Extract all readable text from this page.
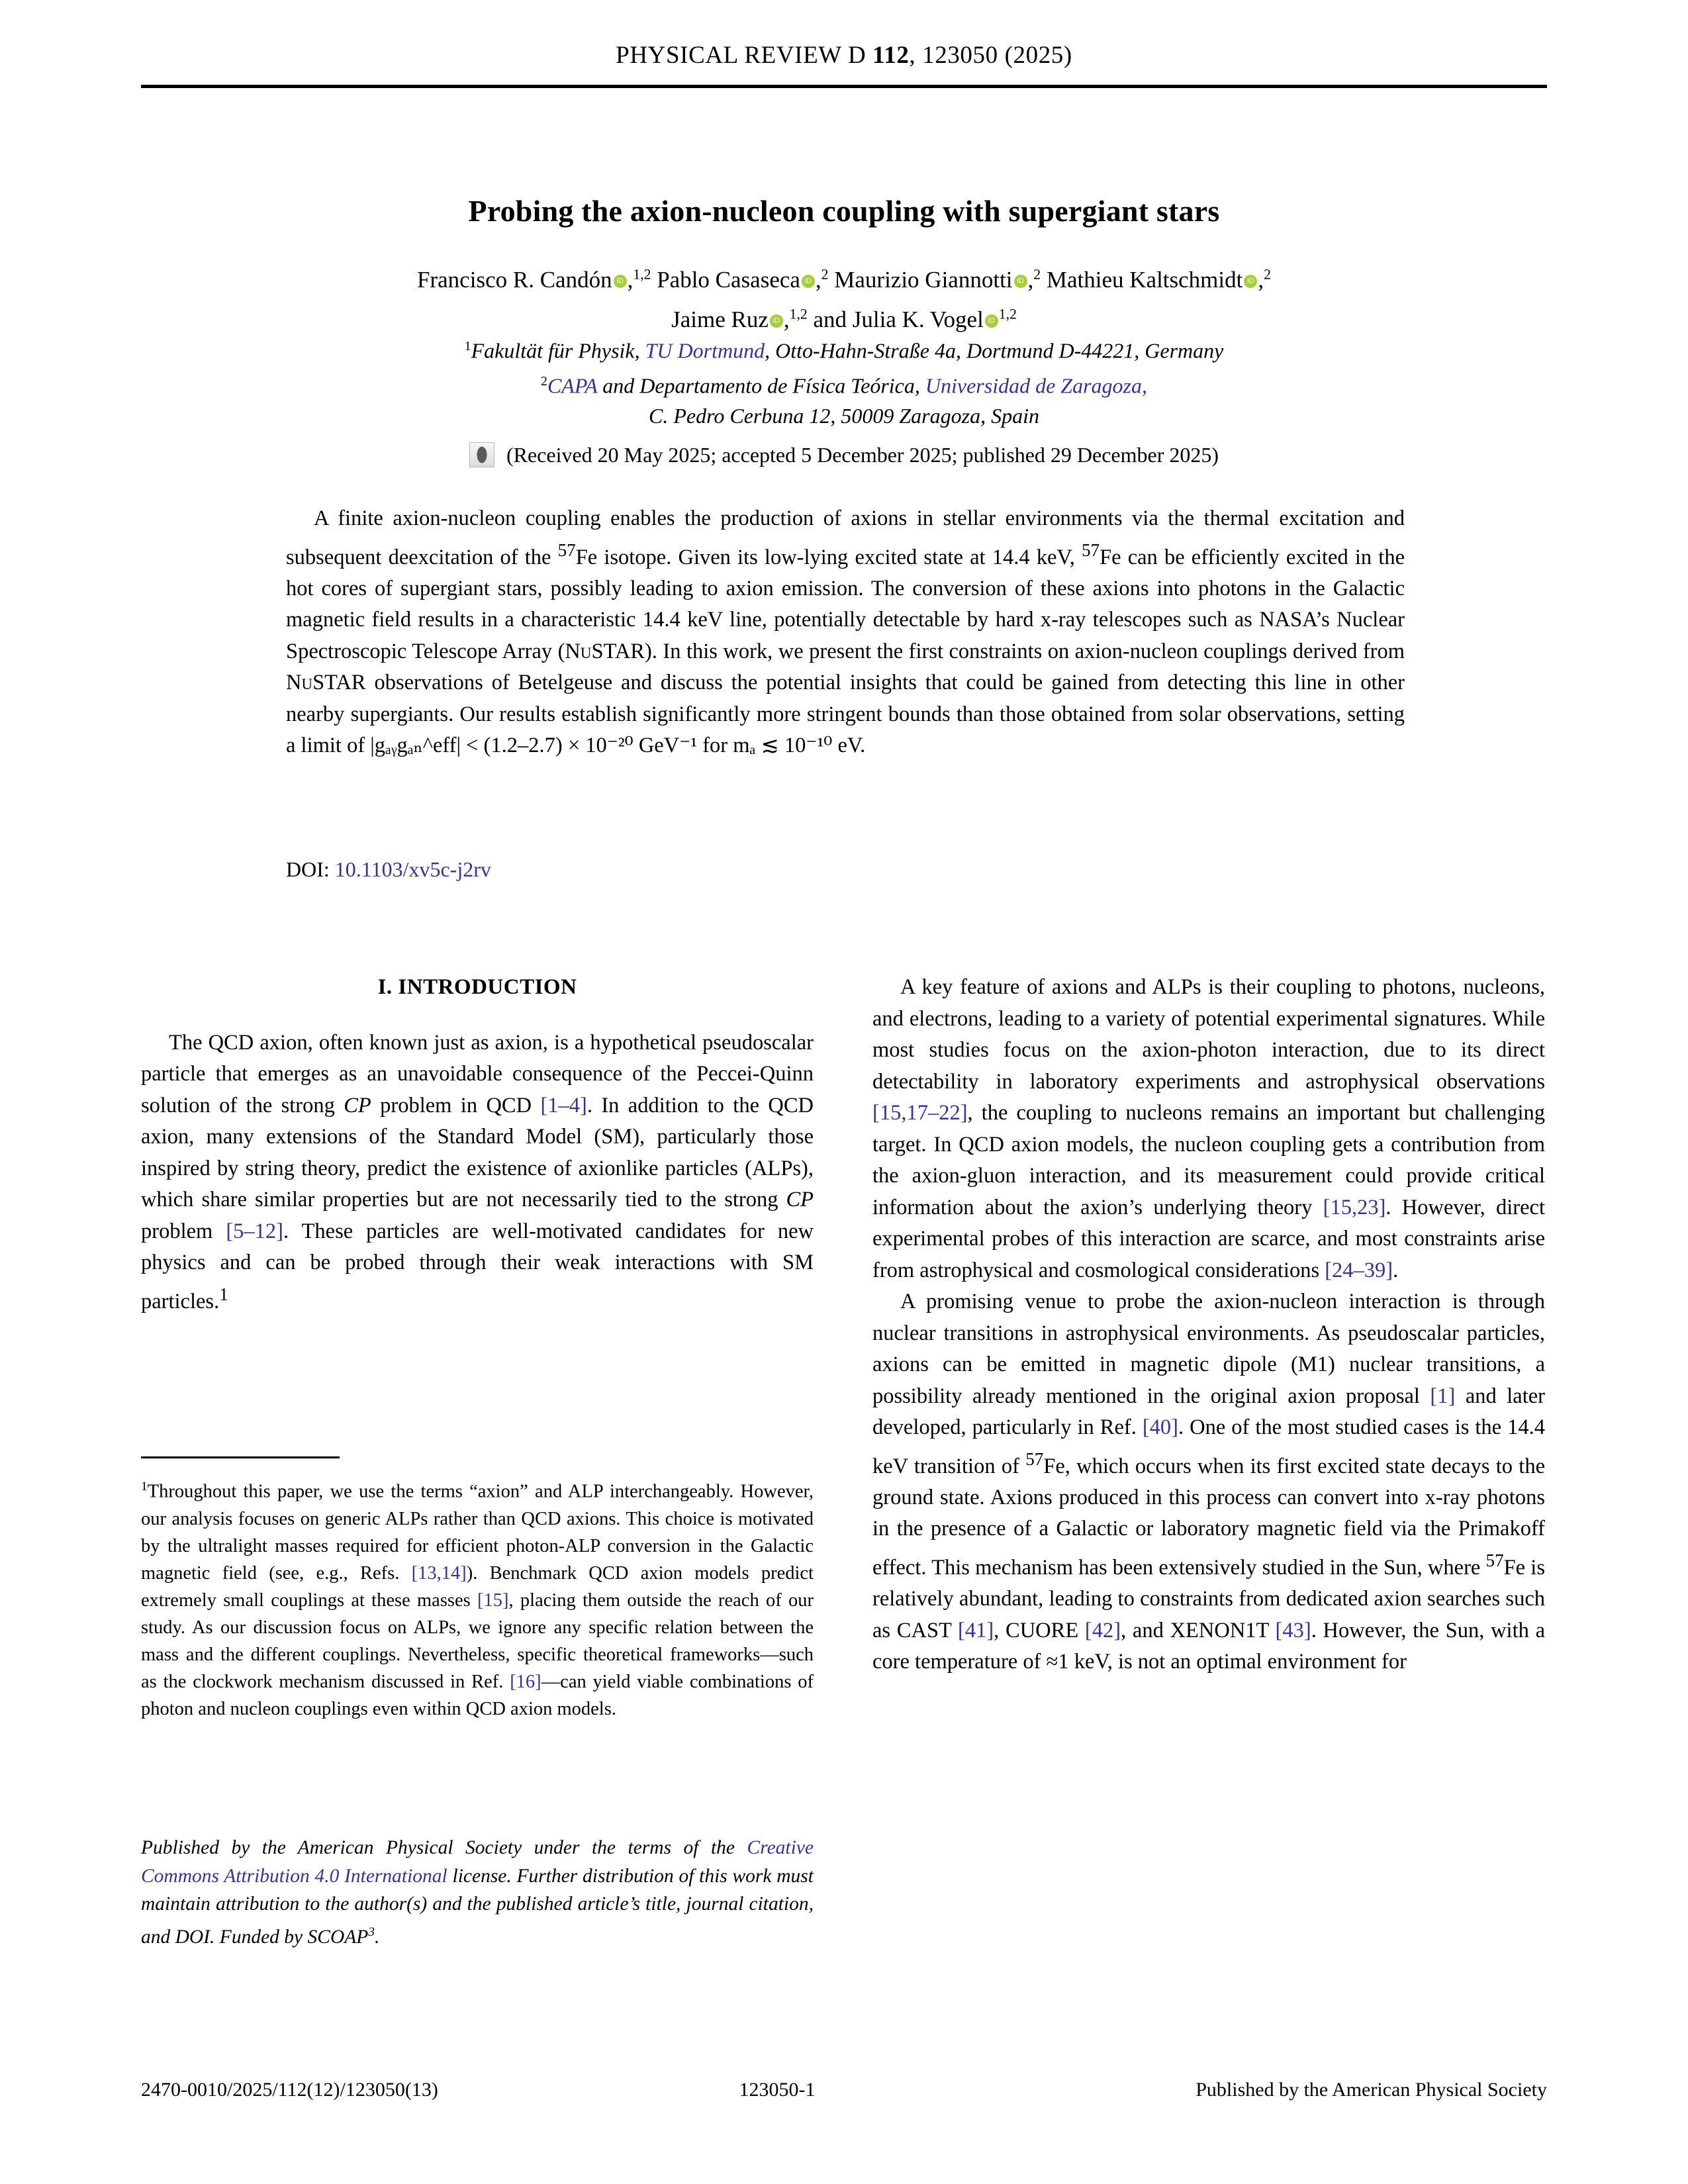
PHYSICAL REVIEW D 112, 123050 (2025)
Probing the axion-nucleon coupling with supergiant stars
Francisco R. Candón iD ,$^{1,2}$ Pablo Casaseca iD ,$^2$ Maurizio Giannotti iD ,$^2$ Mathieu Kaltschmidt iD ,$^2$
Jaime Ruz iD ,$^{1,2}$ and Julia K. Vogel iD $^{1,2}$
$^1$Fakultät für Physik, TU Dortmund, Otto-Hahn-Straße 4a, Dortmund D-44221, Germany
$^2$CAPA and Departamento de Física Teórica, Universidad de Zaragoza,
C. Pedro Cerbuna 12, 50009 Zaragoza, Spain
(Received 20 May 2025; accepted 5 December 2025; published 29 December 2025)
A finite axion-nucleon coupling enables the production of axions in stellar environments via the thermal excitation and subsequent deexcitation of the $^{57}$Fe isotope. Given its low-lying excited state at 14.4 keV, $^{57}$Fe can be efficiently excited in the hot cores of supergiant stars, possibly leading to axion emission. The conversion of these axions into photons in the Galactic magnetic field results in a characteristic 14.4 keV line, potentially detectable by hard x-ray telescopes such as NASA’s Nuclear Spectroscopic Telescope Array (NuSTAR). In this work, we present the first constraints on axion-nucleon couplings derived from NuSTAR observations of Betelgeuse and discuss the potential insights that could be gained from detecting this line in other nearby supergiants. Our results establish significantly more stringent bounds than those obtained from solar observations, setting a limit of |gₐᵧgₐₙ^eff| < (1.2–2.7) × 10⁻²⁰ GeV⁻¹ for mₐ ≲ 10⁻¹⁰ eV.
DOI: 10.1103/xv5c-j2rv
I. INTRODUCTION

The QCD axion, often known just as axion, is a hypothetical pseudoscalar particle that emerges as an unavoidable consequence of the Peccei-Quinn solution of the strong CP problem in QCD [1–4]. In addition to the QCD axion, many extensions of the Standard Model (SM), particularly those inspired by string theory, predict the existence of axionlike particles (ALPs), which share similar properties but are not necessarily tied to the strong CP problem [5–12]. These particles are well-motivated candidates for new physics and can be probed through their weak interactions with SM particles.$^1$

$^1$Throughout this paper, we use the terms “axion” and ALP interchangeably. However, our analysis focuses on generic ALPs rather than QCD axions. This choice is motivated by the ultralight masses required for efficient photon-ALP conversion in the Galactic magnetic field (see, e.g., Refs. [13,14]). Benchmark QCD axion models predict extremely small couplings at these masses [15], placing them outside the reach of our study. As our discussion focus on ALPs, we ignore any specific relation between the mass and the different couplings. Nevertheless, specific theoretical frameworks—such as the clockwork mechanism discussed in Ref. [16]—can yield viable combinations of photon and nucleon couplings even within QCD axion models.

Published by the American Physical Society under the terms of the Creative Commons Attribution 4.0 International license. Further distribution of this work must maintain attribution to the author(s) and the published article’s title, journal citation, and DOI. Funded by SCOAP$^3$.

A key feature of axions and ALPs is their coupling to photons, nucleons, and electrons, leading to a variety of potential experimental signatures. While most studies focus on the axion-photon interaction, due to its direct detectability in laboratory experiments and astrophysical observations [15,17–22], the coupling to nucleons remains an important but challenging target. In QCD axion models, the nucleon coupling gets a contribution from the axion-gluon interaction, and its measurement could provide critical information about the axion’s underlying theory [15,23]. However, direct experimental probes of this interaction are scarce, and most constraints arise from astrophysical and cosmological considerations [24–39].

A promising venue to probe the axion-nucleon interaction is through nuclear transitions in astrophysical environments. As pseudoscalar particles, axions can be emitted in magnetic dipole (M1) nuclear transitions, a possibility already mentioned in the original axion proposal [1] and later developed, particularly in Ref. [40]. One of the most studied cases is the 14.4 keV transition of $^{57}$Fe, which occurs when its first excited state decays to the ground state. Axions produced in this process can convert into x-ray photons in the presence of a Galactic or laboratory magnetic field via the Primakoff effect. This mechanism has been extensively studied in the Sun, where $^{57}$Fe is relatively abundant, leading to constraints from dedicated axion searches such as CAST [41], CUORE [42], and XENON1T [43]. However, the Sun, with a core temperature of ≈1 keV, is not an optimal environment for

2470-0010/2025/112(12)/123050(13)	123050-1	Published by the American Physical Society
